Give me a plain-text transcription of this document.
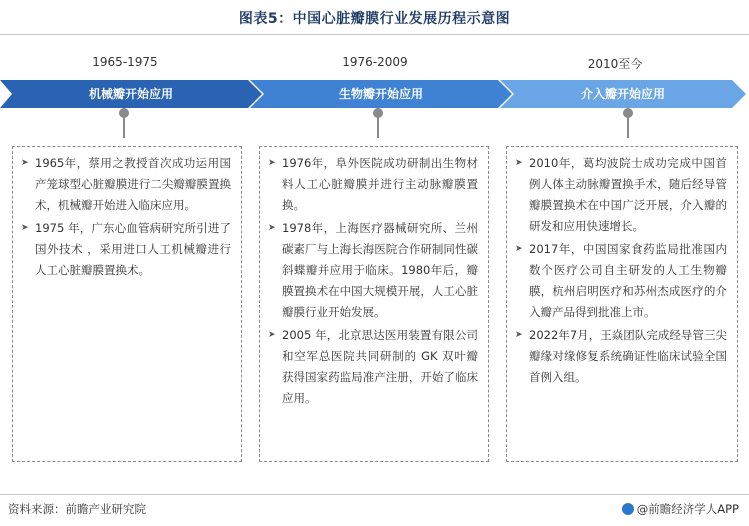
图表5：中国心脏瓣膜行业发展历程示意图
1965-1975	1976-2009	2010至今
机械瓣开始应用	生物瓣开始应用	介入瓣开始应用
➤ 1965年，蔡用之教授首次成功运用国产笼球型心脏瓣膜进行二尖瓣瓣膜置换术，机械瓣开始进入临床应用。
➤ 1975 年，广东心血管病研究所引进了国外技术 ，采用进口人工机械瓣进行人工心脏瓣膜置换术。
➤ 1976年，阜外医院成功研制出生物材料人工心脏瓣膜并进行主动脉瓣膜置换。
➤ 1978年，上海医疗器械研究所、兰州碳素厂与上海长海医院合作研制同性碳斜蝶瓣并应用于临床。1980年后，瓣膜置换术在中国大规模开展，人工心脏瓣膜行业开始发展。
➤ 2005 年，北京思达医用装置有限公司和空军总医院共同研制的 GK 双叶瓣获得国家药监局准产注册，开始了临床应用。
➤ 2010年，葛均波院士成功完成中国首例人体主动脉瓣置换手术，随后经导管瓣膜置换术在中国广泛开展，介入瓣的研发和应用快速增长。
➤ 2017年，中国国家食药监局批准国内数个医疗公司自主研发的人工生物瓣膜，杭州启明医疗和苏州杰成医疗的介入瓣产品得到批准上市。
➤ 2022年7月，王焱团队完成经导管三尖瓣缘对缘修复系统确证性临床试验全国首例入组。
资料来源：前瞻产业研究院	@前瞻经济学人APP
